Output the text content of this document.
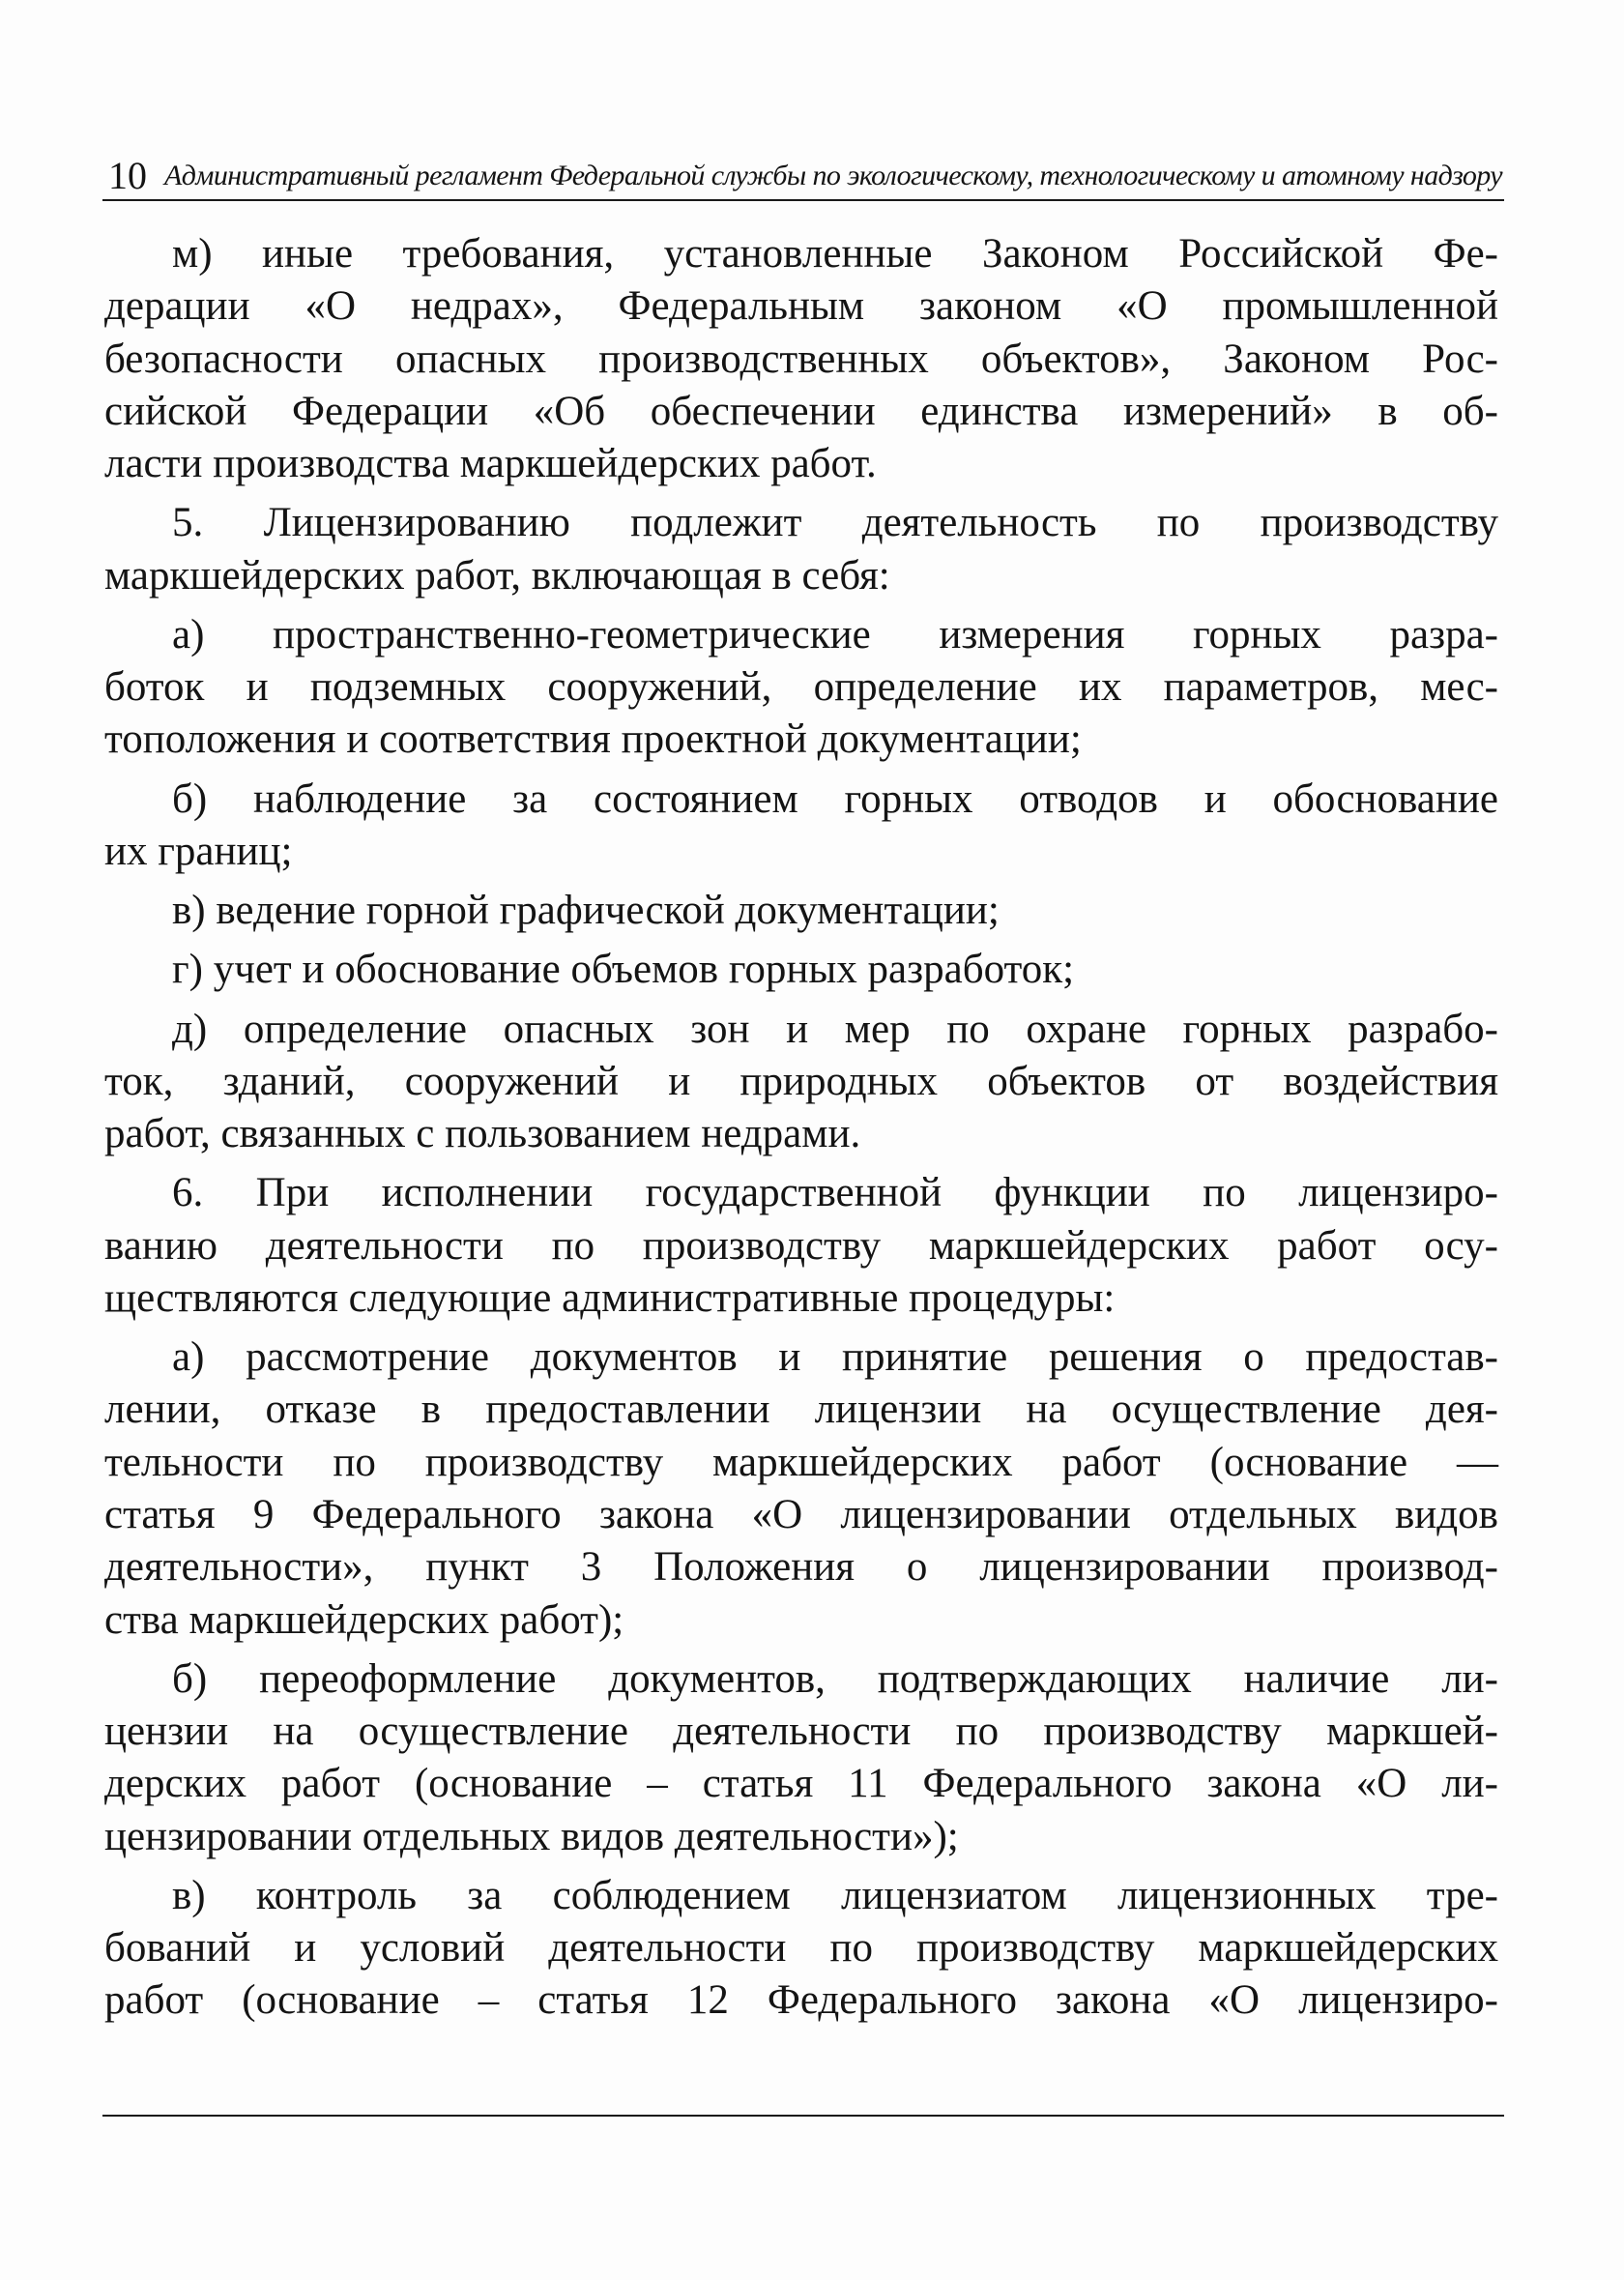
10 Административный регламент Федеральной службы по экологическому, технологическому и атомному надзору
м) иные требования, установленные Законом Российской Фе-
дерации «О недрах», Федеральным законом «О промышленной
безопасности опасных производственных объектов», Законом Рос-
сийской Федерации «Об обеспечении единства измерений» в об-
ласти производства маркшейдерских работ.
5. Лицензированию подлежит деятельность по производству
маркшейдерских работ, включающая в себя:
а) пространственно-геометрические измерения горных разра-
боток и подземных сооружений, определение их параметров, мес-
тоположения и соответствия проектной документации;
б) наблюдение за состоянием горных отводов и обоснование
их границ;
в) ведение горной графической документации;
г) учет и обоснование объемов горных разработок;
д) определение опасных зон и мер по охране горных разрабо-
ток, зданий, сооружений и природных объектов от воздействия
работ, связанных с пользованием недрами.
6. При исполнении государственной функции по лицензиро-
ванию деятельности по производству маркшейдерских работ осу-
ществляются следующие административные процедуры:
а) рассмотрение документов и принятие решения о предостав-
лении, отказе в предоставлении лицензии на осуществление дея-
тельности по производству маркшейдерских работ (основание —
статья 9 Федерального закона «О лицензировании отдельных видов
деятельности», пункт 3 Положения о лицензировании производ-
ства маркшейдерских работ);
б) переоформление документов, подтверждающих наличие ли-
цензии на осуществление деятельности по производству маркшей-
дерских работ (основание – статья 11 Федерального закона «О ли-
цензировании отдельных видов деятельности»);
в) контроль за соблюдением лицензиатом лицензионных тре-
бований и условий деятельности по производству маркшейдерских
работ (основание – статья 12 Федерального закона «О лицензиро-
